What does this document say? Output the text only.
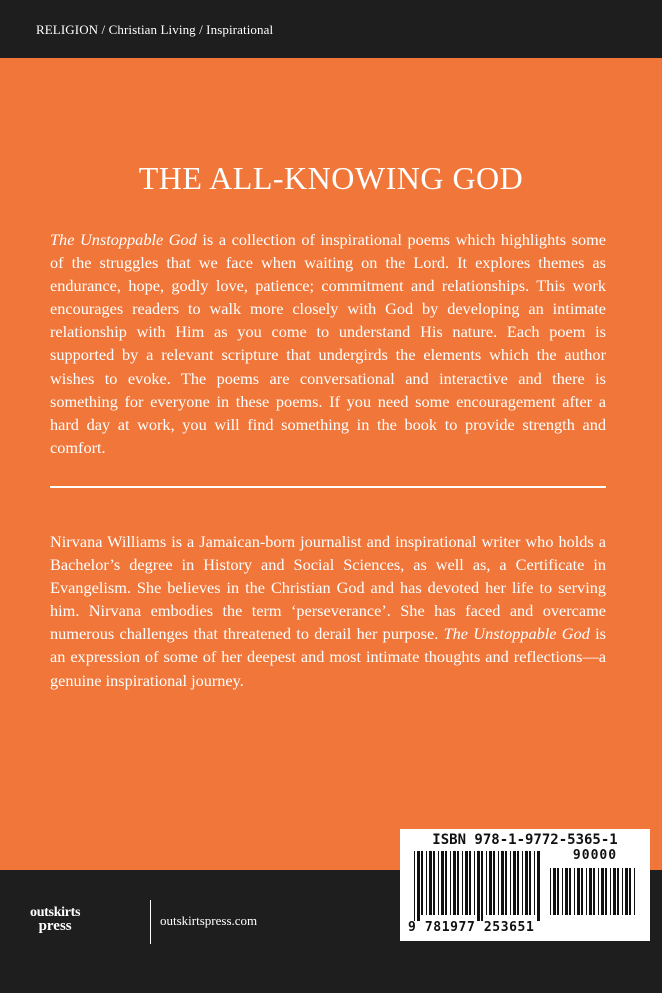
RELIGION / Christian Living / Inspirational
THE ALL-KNOWING GOD

The Unstoppable God is a collection of inspirational poems which highlights some of the struggles that we face when waiting on the Lord. It explores themes as endurance, hope, godly love, patience; commitment and relationships. This work encourages readers to walk more closely with God by developing an intimate relationship with Him as you come to understand His nature. Each poem is supported by a relevant scripture that undergirds the elements which the author wishes to evoke. The poems are conversational and interactive and there is something for everyone in these poems. If you need some encouragement after a hard day at work, you will find something in the book to provide strength and comfort.

Nirvana Williams is a Jamaican-born journalist and inspirational writer who holds a Bachelor’s degree in History and Social Sciences, as well as, a Certificate in Evangelism. She believes in the Christian God and has devoted her life to serving him. Nirvana embodies the term ‘perseverance’. She has faced and overcame numerous challenges that threatened to derail her purpose. The Unstoppable God is an expression of some of her deepest and most intimate thoughts and reflections—a genuine inspirational journey.

outskirts
press	outskirtspress.com
ISBN 978-1-9772-5365-1
90000
9 781977 253651
